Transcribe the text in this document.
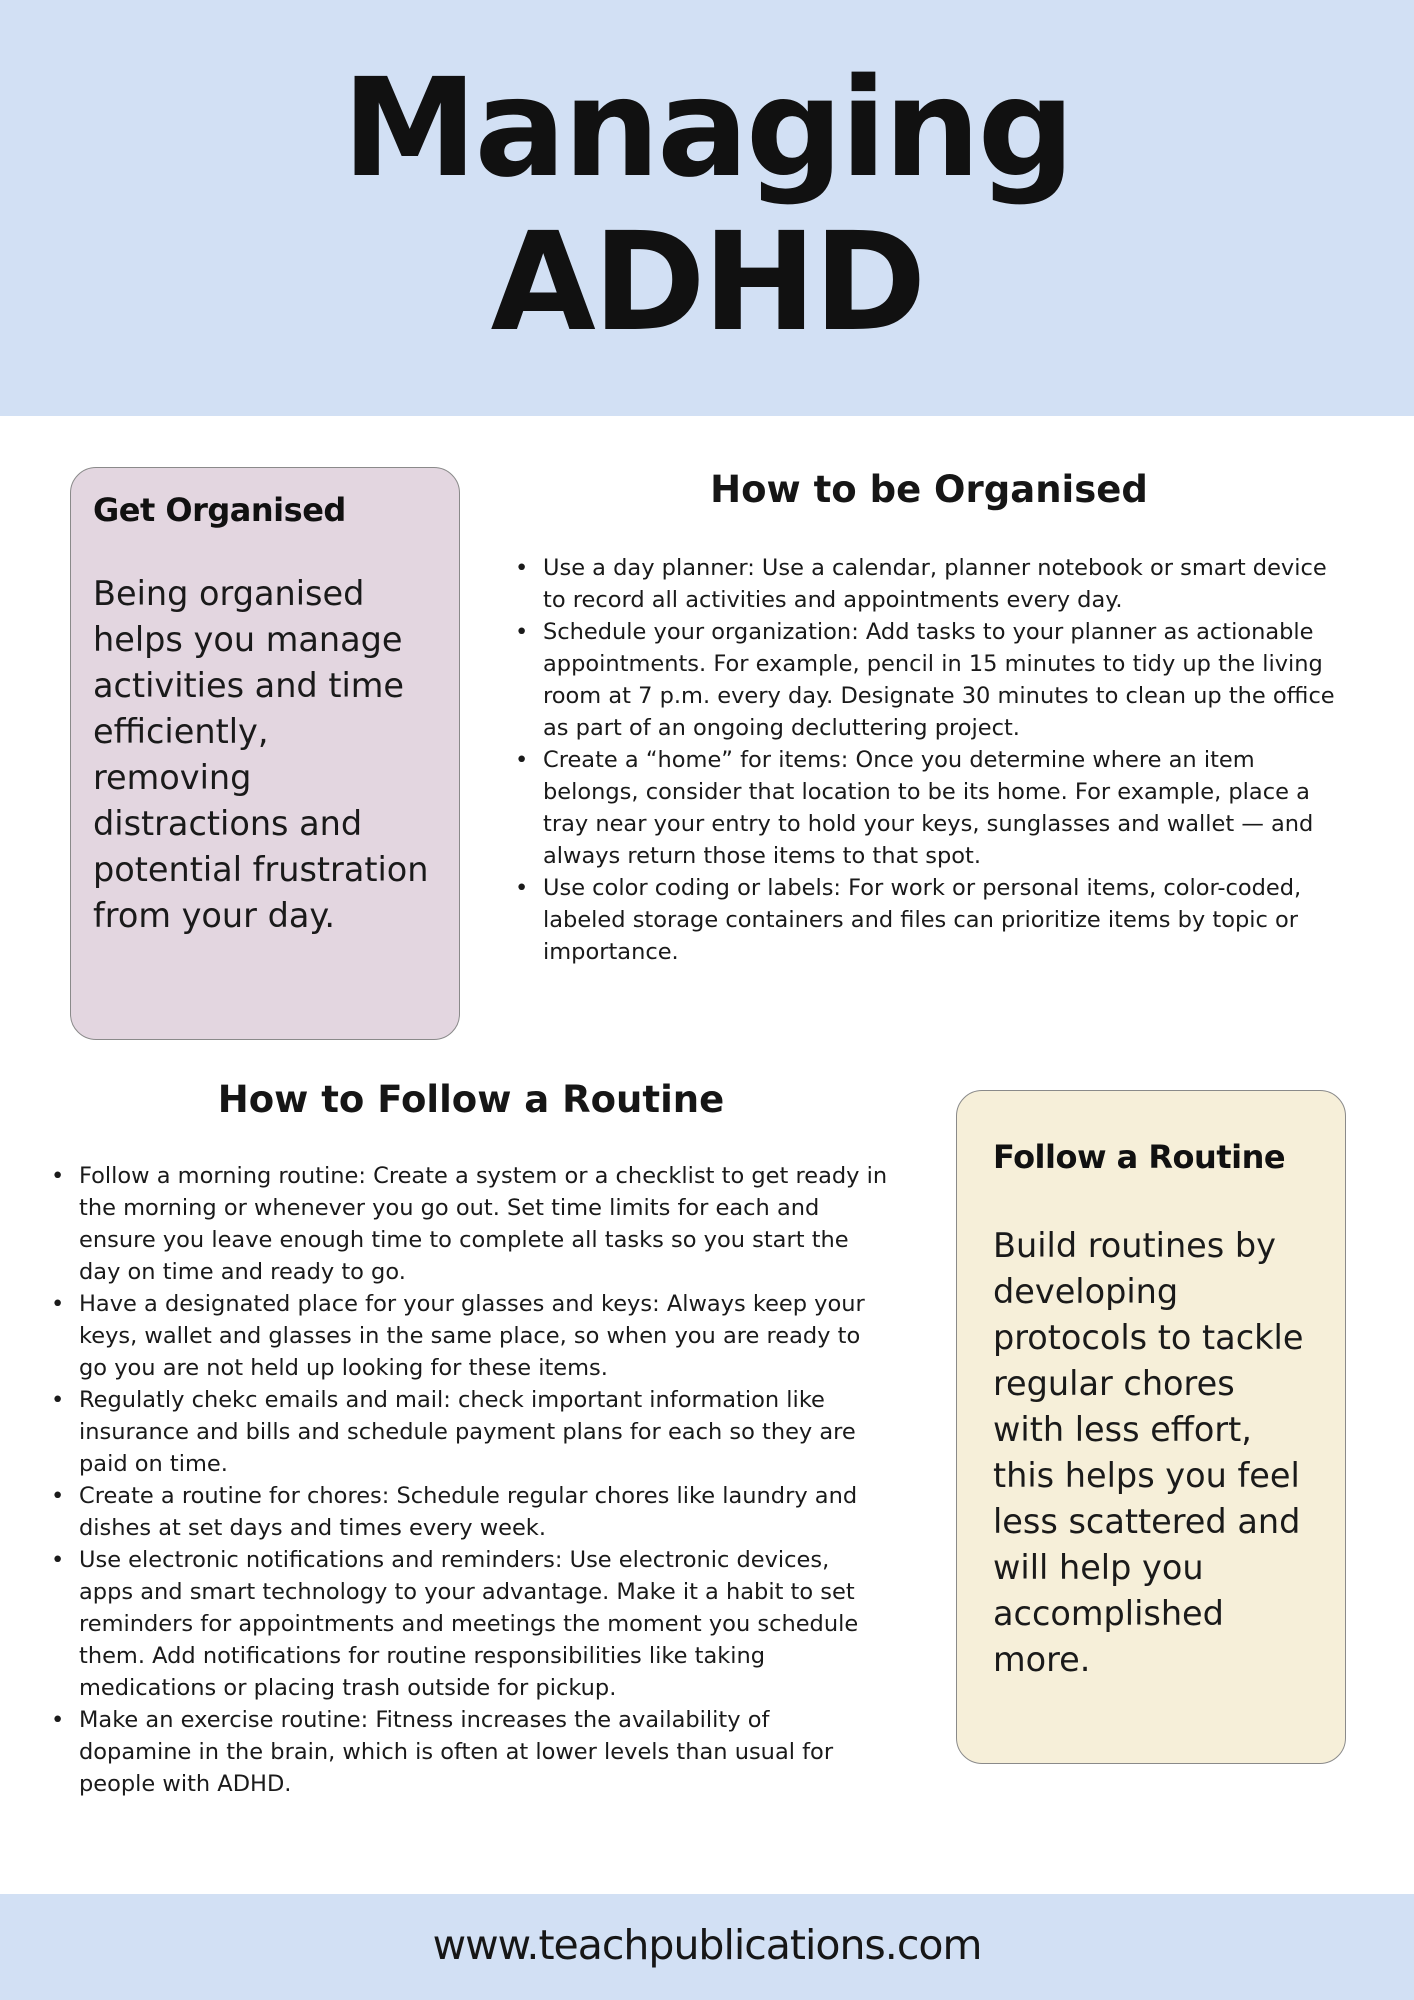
Managing
ADHD
Get Organised

Being organised helps you manage activities and time efficiently, removing distractions and potential frustration from your day.

How to be Organised
• Use a day planner: Use a calendar, planner notebook or smart device to record all activities and appointments every day.
• Schedule your organization: Add tasks to your planner as actionable appointments. For example, pencil in 15 minutes to tidy up the living room at 7 p.m. every day. Designate 30 minutes to clean up the office as part of an ongoing decluttering project.
• Create a “home” for items: Once you determine where an item belongs, consider that location to be its home. For example, place a tray near your entry to hold your keys, sunglasses and wallet — and always return those items to that spot.
• Use color coding or labels: For work or personal items, color-coded, labeled storage containers and files can prioritize items by topic or importance.
How to Follow a Routine
• Follow a morning routine: Create a system or a checklist to get ready in the morning or whenever you go out. Set time limits for each and ensure you leave enough time to complete all tasks so you start the day on time and ready to go.
• Have a designated place for your glasses and keys: Always keep your keys, wallet and glasses in the same place, so when you are ready to go you are not held up looking for these items.
• Regulatly chekc emails and mail: check important information like insurance and bills and schedule payment plans for each so they are paid on time.
• Create a routine for chores: Schedule regular chores like laundry and dishes at set days and times every week.
• Use electronic notifications and reminders: Use electronic devices, apps and smart technology to your advantage. Make it a habit to set reminders for appointments and meetings the moment you schedule them. Add notifications for routine responsibilities like taking medications or placing trash outside for pickup.
• Make an exercise routine: Fitness increases the availability of dopamine in the brain, which is often at lower levels than usual for people with ADHD.
Follow a Routine

Build routines by developing protocols to tackle regular chores with less effort, this helps you feel less scattered and will help you accomplished more.

www.teachpublications.com
